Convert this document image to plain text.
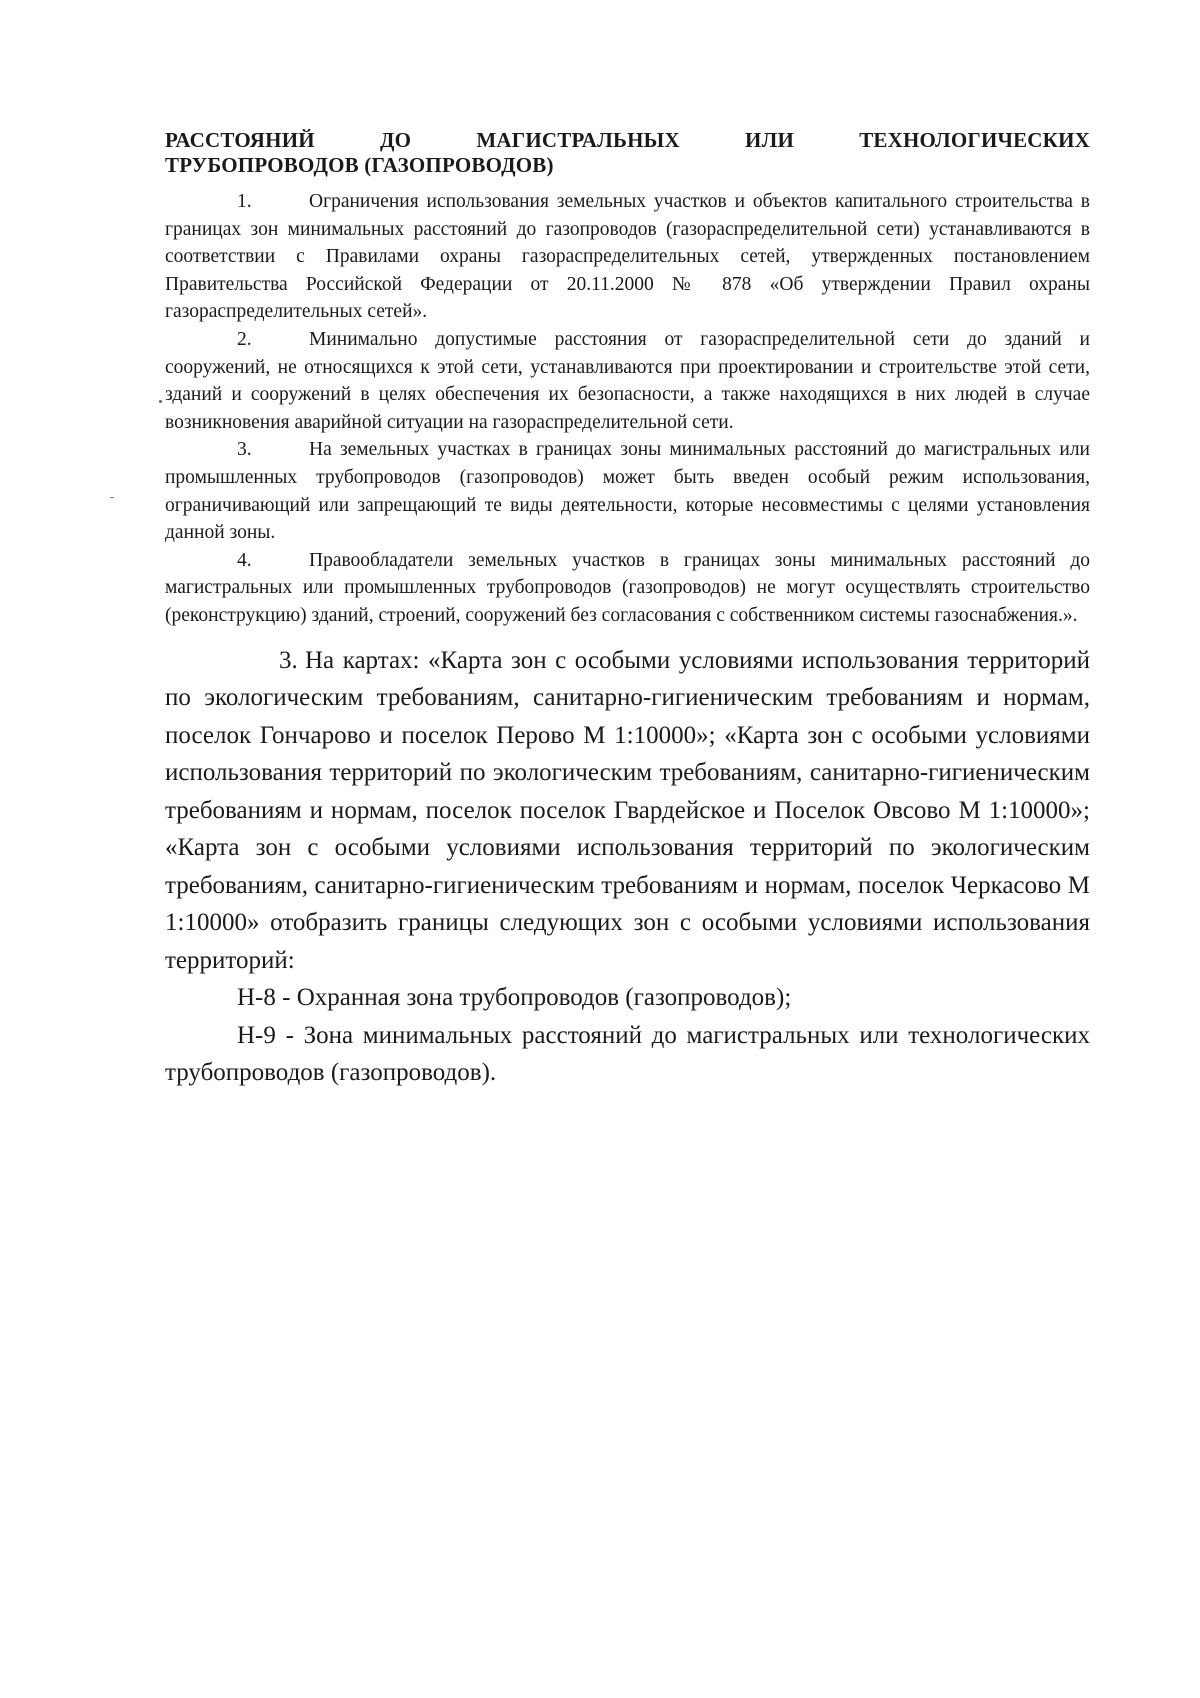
РАССТОЯНИЙ ДО МАГИСТРАЛЬНЫХ ИЛИ ТЕХНОЛОГИЧЕСКИХ
ТРУБОПРОВОДОВ (ГАЗОПРОВОДОВ)

1.	Ограничения использования земельных участков и объектов капитального строительства в границах зон минимальных расстояний до газопроводов (газораспределительной сети) устанавливаются в соответствии с Правилами охраны газораспределительных сетей, утвержденных постановлением Правительства Российской Федерации от 20.11.2000 № 878 «Об утверждении Правил охраны газораспределительных сетей».

2.	Минимально допустимые расстояния от газораспределительной сети до зданий и сооружений, не относящихся к этой сети, устанавливаются при проектировании и строительстве этой сети, зданий и сооружений в целях обеспечения их безопасности, а также находящихся в них людей в случае возникновения аварийной ситуации на газораспределительной сети.

3.	На земельных участках в границах зоны минимальных расстояний до магистральных или промышленных трубопроводов (газопроводов) может быть введен особый режим использования, ограничивающий или запрещающий те виды деятельности, которые несовместимы с целями установления данной зоны.

4.	Правообладатели земельных участков в границах зоны минимальных расстояний до магистральных или промышленных трубопроводов (газопроводов) не могут осуществлять строительство (реконструкцию) зданий, строений, сооружений без согласования с собственником системы газоснабжения.».

3. На картах: «Карта зон с особыми условиями использования территорий по экологическим требованиям, санитарно-гигиеническим требованиям и нормам, поселок Гончарово и поселок Перово М 1:10000»; «Карта зон с особыми условиями использования территорий по экологическим требованиям, санитарно-гигиеническим требованиям и нормам, поселок поселок Гвардейское и Поселок Овсово М 1:10000»; «Карта зон с особыми условиями использования территорий по экологическим требованиям, санитарно-гигиеническим требованиям и нормам, поселок Черкасово М 1:10000» отобразить границы следующих зон с особыми условиями использования территорий:

Н-8 - Охранная зона трубопроводов (газопроводов);

Н-9 - Зона минимальных расстояний до магистральных или технологических трубопроводов (газопроводов).
